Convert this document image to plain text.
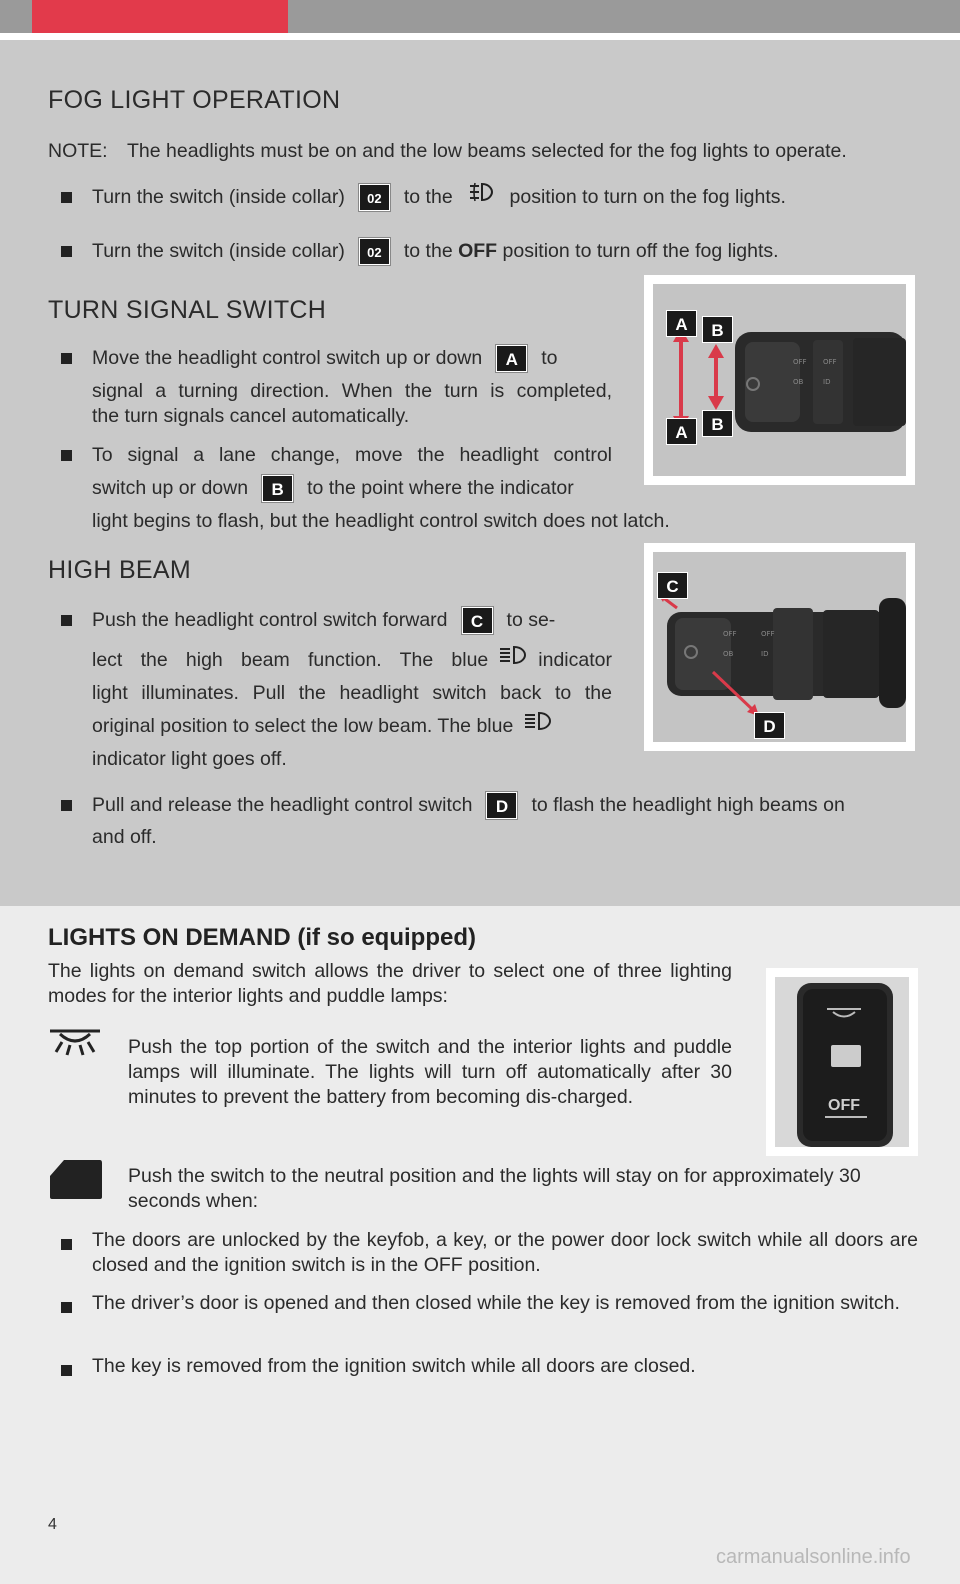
FOG LIGHT OPERATION
NOTE: The headlights must be on and the low beams selected for the fog lights to operate.
Turn the switch (inside collar) 02 to the	position to turn on the fog lights.
Turn the switch (inside collar) 02 to the OFF position to turn off the fog lights.
TURN SIGNAL SWITCH
Move the headlight control switch up or down A to
signal a turning direction. When the turn is completed,
the turn signals cancel automatically.
To signal a lane change, move the headlight control
switch up or down B to the point where the indicator
light begins to flash, but the headlight control switch does not latch.
OFF OFF
OB	ID
A	B
A	B
HIGH BEAM
Push the headlight control switch forward C to se-
lect the high beam function. The blue	indicator
light illuminates. Pull the headlight switch back to the
original position to select the low beam. The blue
indicator light goes off.
Pull and release the headlight control switch D to flash the headlight high beams on
and off.
OFF	OFF
OB	ID
C
D
LIGHTS ON DEMAND (if so equipped)
The lights on demand switch allows the driver to select one of three lighting modes for the interior lights and puddle lamps:
Push the top portion of the switch and the interior lights and puddle lamps will illuminate. The lights will turn off automatically after 30 minutes to prevent the battery from becoming dis-charged.
Push the switch to the neutral position and the lights will stay on for approximately 30 seconds when:
The doors are unlocked by the keyfob, a key, or the power door lock switch while all doors are closed and the ignition switch is in the OFF position.
The driver’s door is opened and then closed while the key is removed from the ignition switch.
The key is removed from the ignition switch while all doors are closed.
OFF
4
carmanualsonline.info
